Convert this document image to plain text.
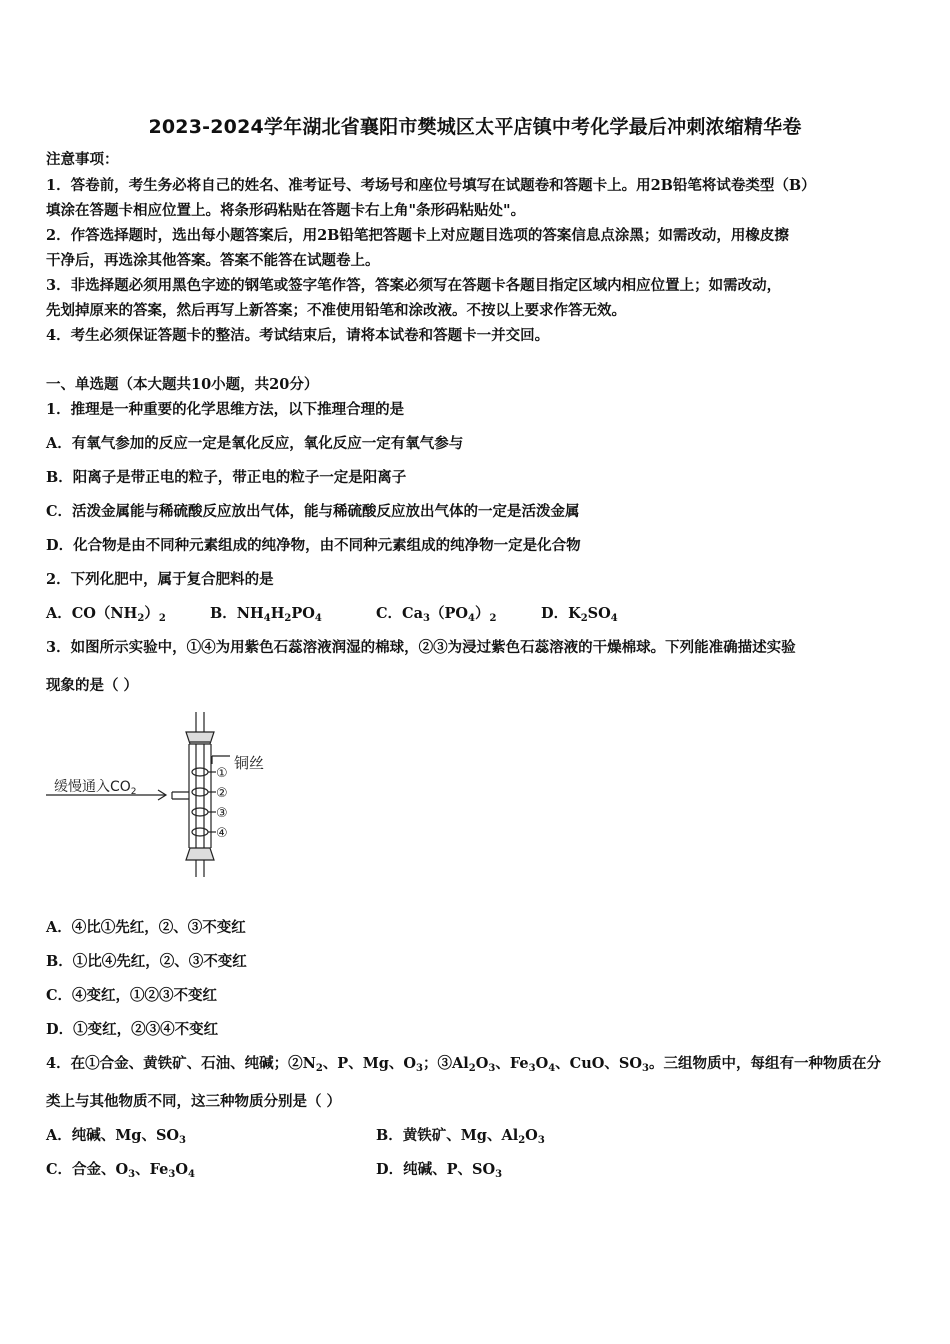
2023-2024学年湖北省襄阳市樊城区太平店镇中考化学最后冲刺浓缩精华卷
注意事项：
1．答卷前，考生务必将自己的姓名、准考证号、考场号和座位号填写在试题卷和答题卡上。用2B铅笔将试卷类型（B）
填涂在答题卡相应位置上。将条形码粘贴在答题卡右上角"条形码粘贴处"。
2．作答选择题时，选出每小题答案后，用2B铅笔把答题卡上对应题目选项的答案信息点涂黑；如需改动，用橡皮擦
干净后，再选涂其他答案。答案不能答在试题卷上。
3．非选择题必须用黑色字迹的钢笔或签字笔作答，答案必须写在答题卡各题目指定区域内相应位置上；如需改动，
先划掉原来的答案，然后再写上新答案；不准使用铅笔和涂改液。不按以上要求作答无效。
4．考生必须保证答题卡的整洁。考试结束后，请将本试卷和答题卡一并交回。
一、单选题（本大题共10小题，共20分）
1．推理是一种重要的化学思维方法，以下推理合理的是
A．有氧气参加的反应一定是氧化反应，氧化反应一定有氧气参与
B．阳离子是带正电的粒子，带正电的粒子一定是阳离子
C．活泼金属能与稀硫酸反应放出气体，能与稀硫酸反应放出气体的一定是活泼金属
D．化合物是由不同种元素组成的纯净物，由不同种元素组成的纯净物一定是化合物
2．下列化肥中，属于复合肥料的是
A．$CO(NH_2)_2$	B．$NH_4H_2PO_4$	C．$Ca_3(PO_4)_2$	D．$K_2SO_4$
3．如图所示实验中，①④为用紫色石蕊溶液润湿的棉球，②③为浸过紫色石蕊溶液的干燥棉球。下列能准确描述实验
现象的是（ ）
缓慢通入$CO_2$
铜丝
①
②
③
④
A．④比①先红，②、③不变红
B．①比④先红，②、③不变红
C．④变红，①②③不变红
D．①变红，②③④不变红
4．在①合金、黄铁矿、石油、纯碱；$②N_2$、P、Mg、$O_3$；$③Al_2O_3$、$Fe_3O_4$、CuO、$SO_3$。三组物质中，每组有一种物质在分
类上与其他物质不同，这三种物质分别是（ ）
A．纯碱、Mg、$SO_3$	B．黄铁矿、Mg、$Al_2O_3$
C．合金、$O_3$、$Fe_3O_4$	D．纯碱、P、$SO_3$
